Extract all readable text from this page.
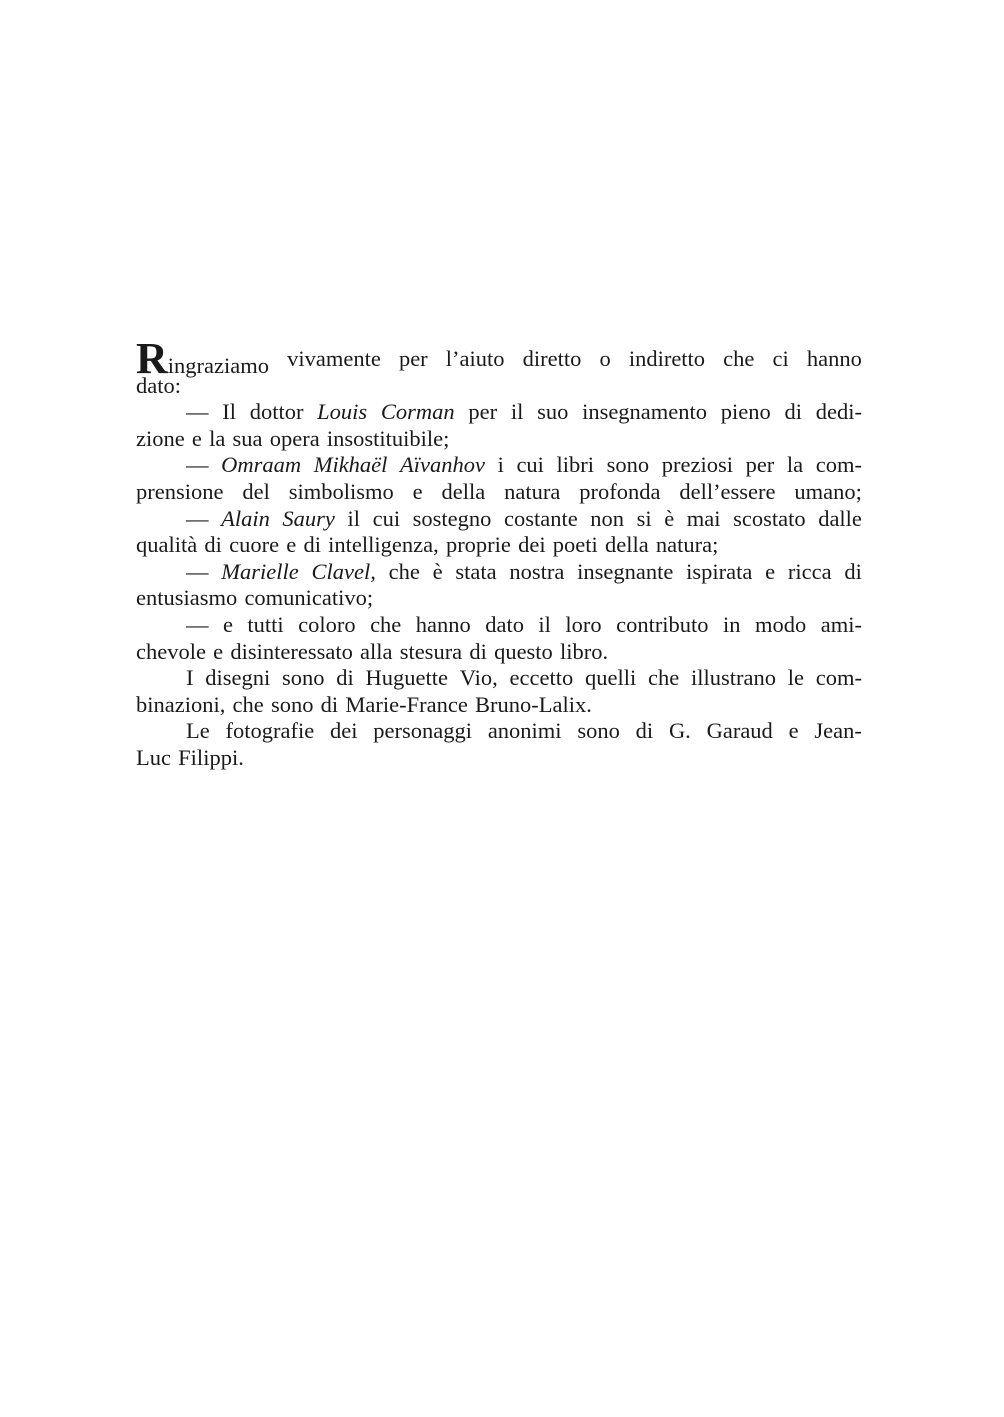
Ringraziamo vivamente per l’aiuto diretto o indiretto che ci hanno
dato:
— Il dottor Louis Corman per il suo insegnamento pieno di dedi-
zione e la sua opera insostituibile;
— Omraam Mikhaël Aïvanhov i cui libri sono preziosi per la com-
prensione del simbolismo e della natura profonda dell’essere umano;
— Alain Saury il cui sostegno costante non si è mai scostato dalle
qualità di cuore e di intelligenza, proprie dei poeti della natura;
— Marielle Clavel, che è stata nostra insegnante ispirata e ricca di
entusiasmo comunicativo;
— e tutti coloro che hanno dato il loro contributo in modo ami-
chevole e disinteressato alla stesura di questo libro.
I disegni sono di Huguette Vio, eccetto quelli che illustrano le com-
binazioni, che sono di Marie-France Bruno-Lalix.
Le fotografie dei personaggi anonimi sono di G. Garaud e Jean-
Luc Filippi.
